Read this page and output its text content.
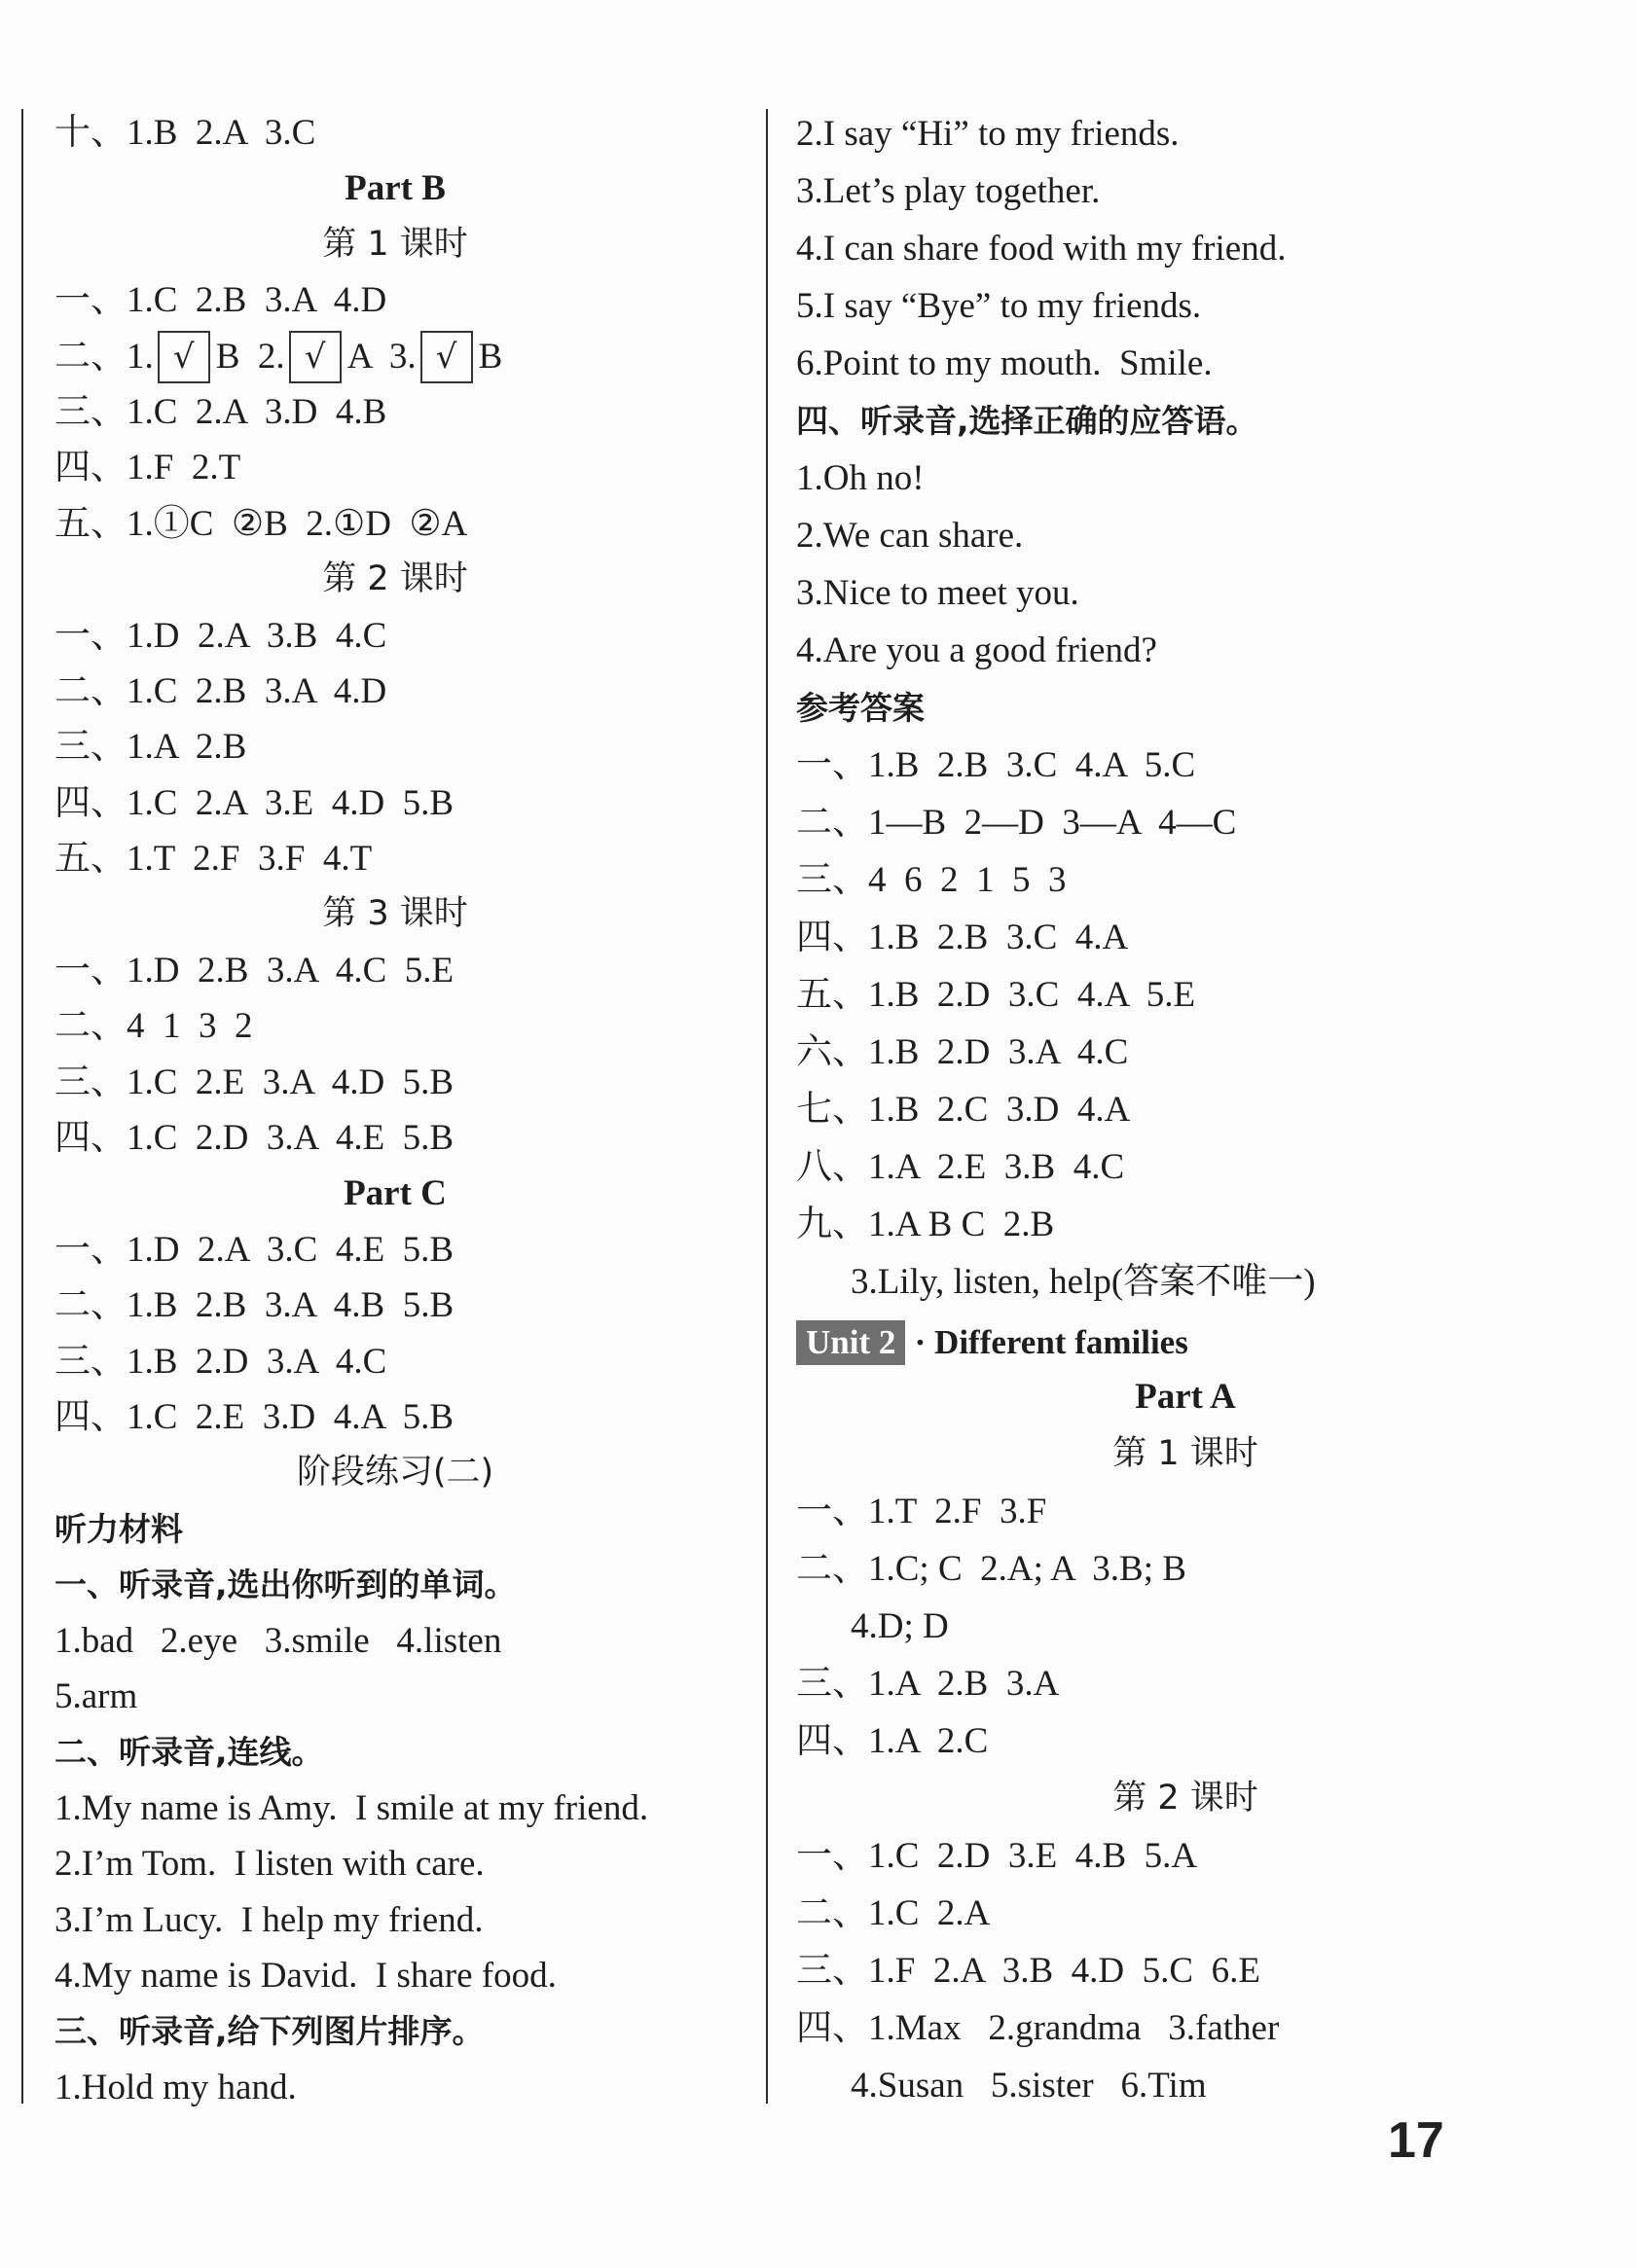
十、1.B  2.A  3.C
Part B
第 1 课时
一、1.C  2.B  3.A  4.D
二、1. √ B  2. √ A  3. √ B
三、1.C  2.A  3.D  4.B
四、1.F  2.T
五、1.①C  ②B  2.①D  ②A
第 2 课时
一、1.D  2.A  3.B  4.C
二、1.C  2.B  3.A  4.D
三、1.A  2.B
四、1.C  2.A  3.E  4.D  5.B
五、1.T  2.F  3.F  4.T
第 3 课时
一、1.D  2.B  3.A  4.C  5.E
二、4  1  3  2
三、1.C  2.E  3.A  4.D  5.B
四、1.C  2.D  3.A  4.E  5.B
Part C
一、1.D  2.A  3.C  4.E  5.B
二、1.B  2.B  3.A  4.B  5.B
三、1.B  2.D  3.A  4.C
四、1.C  2.E  3.D  4.A  5.B
阶段练习(二)
听力材料
一、听录音,选出你听到的单词。
1.bad   2.eye   3.smile   4.listen
5.arm
二、听录音,连线。
1.My name is Amy.  I smile at my friend.
2.I’m Tom.  I listen with care.
3.I’m Lucy.  I help my friend.
4.My name is David.  I share food.
三、听录音,给下列图片排序。
1.Hold my hand.
2.I say “Hi” to my friends.
3.Let’s play together.
4.I can share food with my friend.
5.I say “Bye” to my friends.
6.Point to my mouth.  Smile.
四、听录音,选择正确的应答语。
1.Oh no!
2.We can share.
3.Nice to meet you.
4.Are you a good friend?
参考答案
一、1.B  2.B  3.C  4.A  5.C
二、1—B  2—D  3—A  4—C
三、4  6  2  1  5  3
四、1.B  2.B  3.C  4.A
五、1.B  2.D  3.C  4.A  5.E
六、1.B  2.D  3.A  4.C
七、1.B  2.C  3.D  4.A
八、1.A  2.E  3.B  4.C
九、1.A B C  2.B
3.Lily, listen, help(答案不唯一)
Unit 2 · Different families
Part A
第 1 课时
一、1.T  2.F  3.F
二、1.C; C  2.A; A  3.B; B
4.D; D
三、1.A  2.B  3.A
四、1.A  2.C
第 2 课时
一、1.C  2.D  3.E  4.B  5.A
二、1.C  2.A
三、1.F  2.A  3.B  4.D  5.C  6.E
四、1.Max   2.grandma   3.father
4.Susan   5.sister   6.Tim
17
